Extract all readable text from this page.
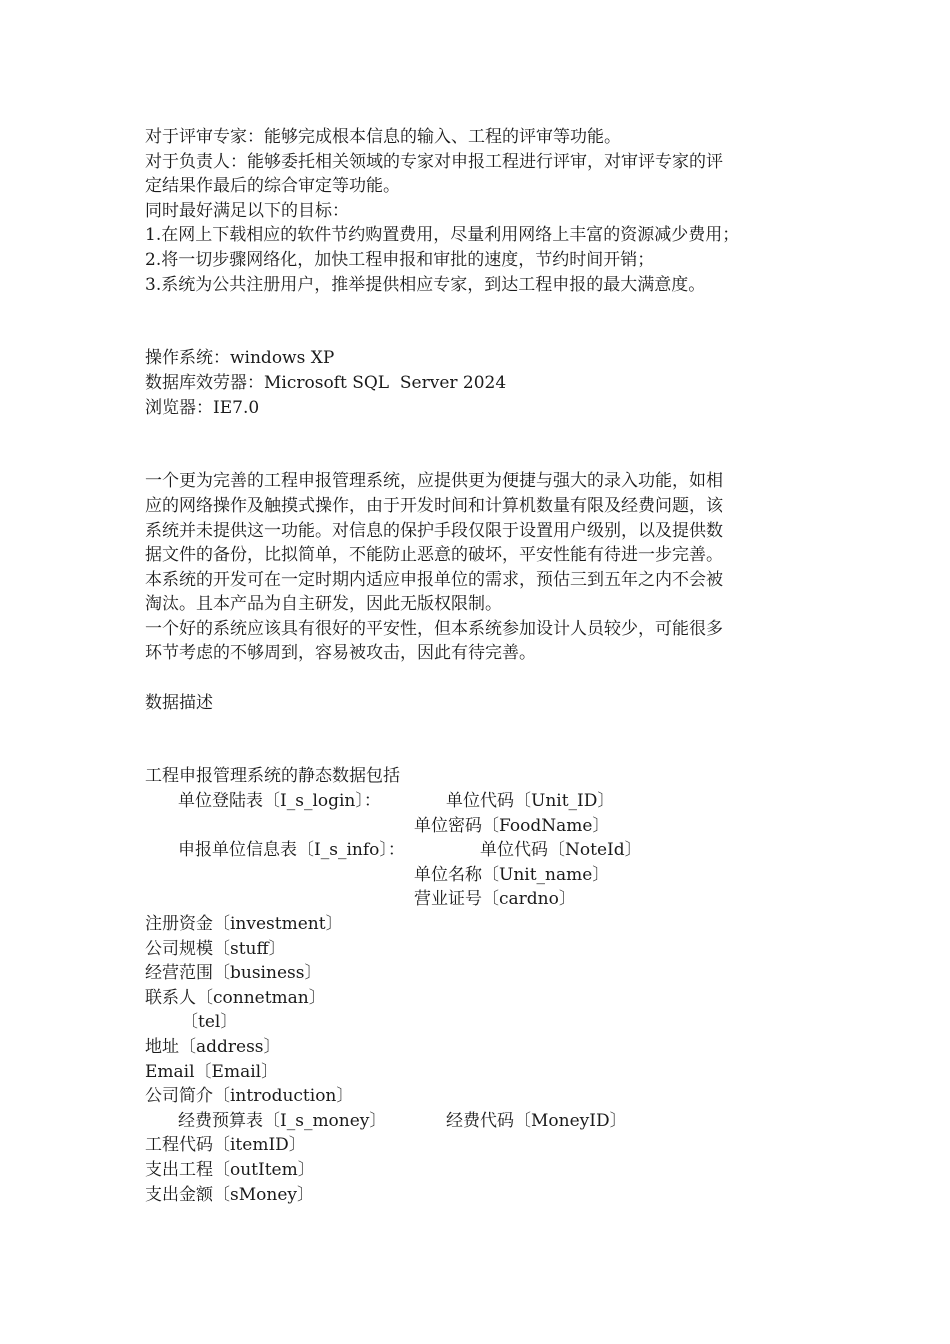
对于评审专家：能够完成根本信息的输入、工程的评审等功能。
对于负责人：能够委托相关领域的专家对申报工程进行评审，对审评专家的评
定结果作最后的综合审定等功能。
同时最好满足以下的目标：
1.在网上下载相应的软件节约购置费用，尽量利用网络上丰富的资源减少费用；
2.将一切步骤网络化，加快工程申报和审批的速度，节约时间开销；
3.系统为公共注册用户，推举提供相应专家，到达工程申报的最大满意度。
操作系统：windows XP
数据库效劳器：Microsoft SQL  Server 2024
浏览器：IE7.0
一个更为完善的工程申报管理系统，应提供更为便捷与强大的录入功能，如相
应的网络操作及触摸式操作，由于开发时间和计算机数量有限及经费问题，该
系统并未提供这一功能。对信息的保护手段仅限于设置用户级别，以及提供数
据文件的备份，比拟简单，不能防止恶意的破坏，平安性能有待进一步完善。
本系统的开发可在一定时期内适应申报单位的需求，预估三到五年之内不会被
淘汰。且本产品为自主研发，因此无版权限制。
一个好的系统应该具有很好的平安性，但本系统参加设计人员较少，可能很多
环节考虑的不够周到，容易被攻击，因此有待完善。
数据描述
工程申报管理系统的静态数据包括
单位登陆表〔I_s_login〕：	单位代码〔Unit_ID〕
单位密码〔FoodName〕
申报单位信息表〔I_s_info〕：	单位代码〔NoteId〕
单位名称〔Unit_name〕
营业证号〔cardno〕
注册资金〔investment〕
公司规模〔stuff〕
经营范围〔business〕
联系人〔connetman〕
〔tel〕
地址〔address〕
Email〔Email〕
公司简介〔introduction〕
经费预算表〔I_s_money〕	经费代码〔MoneyID〕
工程代码〔itemID〕
支出工程〔outItem〕
支出金额〔sMoney〕
